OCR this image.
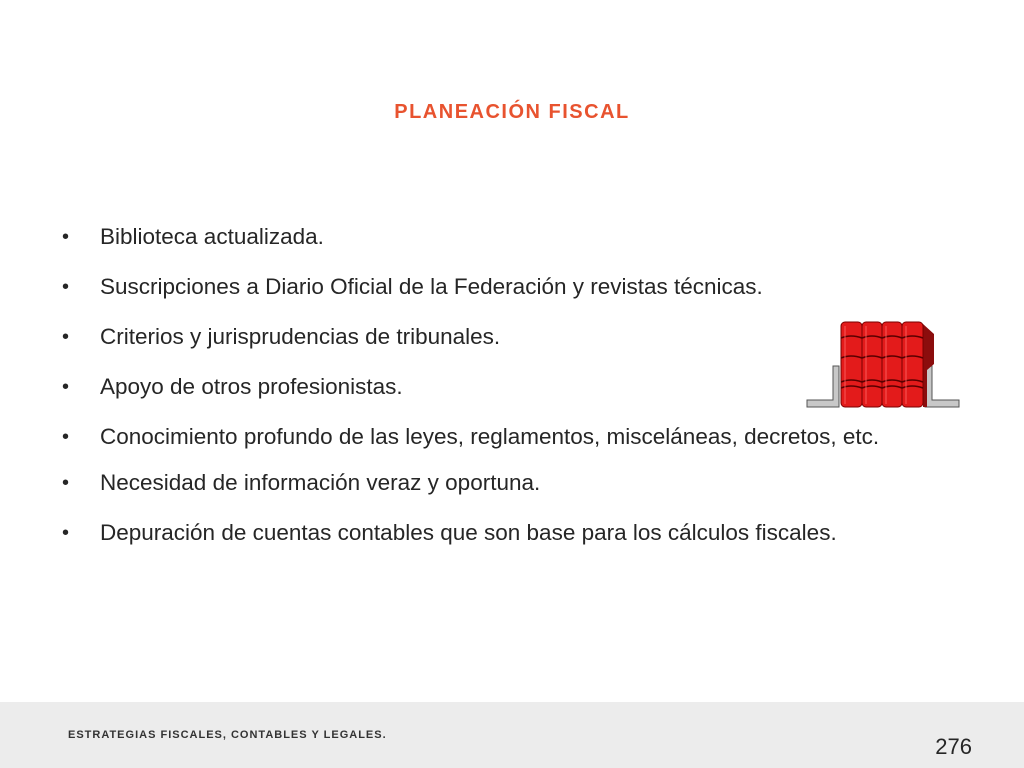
PLANEACIÓN FISCAL
•	Biblioteca actualizada.
•	Suscripciones a Diario Oficial de la Federación y revistas técnicas.
•	Criterios y jurisprudencias de tribunales.
•	Apoyo de otros profesionistas.
•	Conocimiento profundo de las leyes, reglamentos, misceláneas, decretos, etc.
•	Necesidad de información veraz y oportuna.
•	Depuración de cuentas contables que son base para los cálculos fiscales.
ESTRATEGIAS FISCALES, CONTABLES Y LEGALES.	276
